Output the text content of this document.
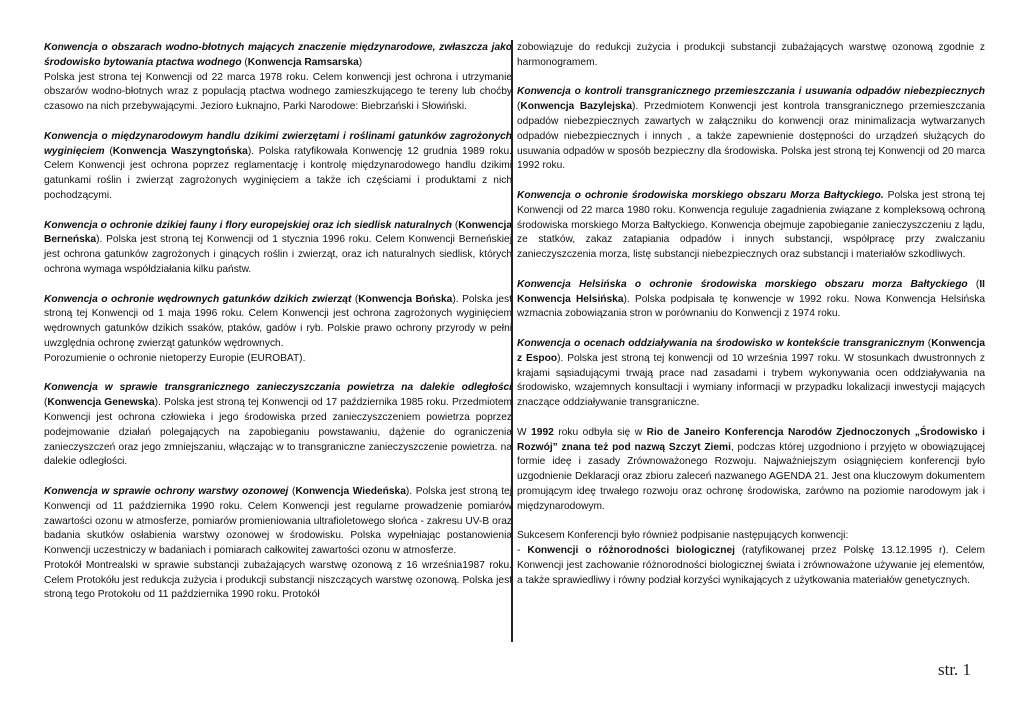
Konwencja o obszarach wodno-błotnych mających znaczenie międzynarodowe, zwłaszcza jako środowisko bytowania ptactwa wodnego (Konwencja Ramsarska)
Polska jest strona tej Konwencji od 22 marca 1978 roku. Celem konwencji jest ochrona i utrzymanie obszarów wodno-błotnych wraz z populacją ptactwa wodnego zamieszkującego te tereny lub choćby czasowo na nich przebywającymi. Jezioro Łuknajno, Parki Narodowe: Biebrzański i Słowiński.

Konwencja o międzynarodowym handlu dzikimi zwierzętami i roślinami gatunków zagrożonych wyginięciem (Konwencja Waszyngtońska). Polska ratyfikowała Konwencję 12 grudnia 1989 roku. Celem Konwencji jest ochrona poprzez reglamentację i kontrolę międzynarodowego handlu dzikimi gatunkami roślin i zwierząt zagrożonych wyginięciem a także ich częściami i produktami z nich pochodzącymi.

Konwencja o ochronie dzikiej fauny i flory europejskiej oraz ich siedlisk naturalnych (Konwencja Berneńska). Polska jest stroną tej Konwencji od 1 stycznia 1996 roku. Celem Konwencji Berneńskiej jest ochrona gatunków zagrożonych i ginących roślin i zwierząt, oraz ich naturalnych siedlisk, których ochrona wymaga współdziałania kilku państw.

Konwencja o ochronie wędrownych gatunków dzikich zwierząt (Konwencja Bońska). Polska jest stroną tej Konwencji od 1 maja 1996 roku. Celem Konwencji jest ochrona zagrożonych wyginięciem wędrownych gatunków dzikich ssaków, ptaków, gadów i ryb. Polskie prawo ochrony przyrody w pełni uwzględnia ochronę zwierząt gatunków wędrownych.
Porozumienie o ochronie nietoperzy Europie (EUROBAT).

Konwencja w sprawie transgranicznego zanieczyszczania powietrza na dalekie odległości (Konwencja Genewska). Polska jest stroną tej Konwencji od 17 października 1985 roku. Przedmiotem Konwencji jest ochrona człowieka i jego środowiska przed zanieczyszczeniem powietrza poprzez podejmowanie działań polegających na zapobieganiu powstawaniu, dążenie do ograniczenia zanieczyszczeń oraz jego zmniejszaniu, włączając w to transgraniczne zanieczyszczenie powietrza. na dalekie odległości.

Konwencja w sprawie ochrony warstwy ozonowej (Konwencja Wiedeńska). Polska jest stroną tej Konwencji od 11 października 1990 roku. Celem Konwencji jest regularne prowadzenie pomiarów zawartości ozonu w atmosferze, pomiarów promieniowania ultrafioletowego słońca - zakresu UV-B oraz badania skutków osłabienia warstwy ozonowej w środowisku. Polska wypełniając postanowienia Konwencji uczestniczy w badaniach i pomiarach całkowitej zawartości ozonu w atmosferze.
Protokół Montrealski w sprawie substancji zubażających warstwę ozonową z 16 września1987 roku. Celem Protokółu jest redukcja zużycia i produkcji substancji niszczących warstwę ozonową. Polska jest stroną tego Protokołu od 11 października 1990 roku. Protokół

zobowiązuje do redukcji zużycia i produkcji substancji zubażających warstwę ozonową zgodnie z harmonogramem.

Konwencja o kontroli transgranicznego przemieszczania i usuwania odpadów niebezpiecznych (Konwencja Bazylejska). Przedmiotem Konwencji jest kontrola transgranicznego przemieszczania odpadów niebezpiecznych zawartych w załączniku do konwencji oraz minimalizacja wytwarzanych odpadów niebezpiecznych i innych , a także zapewnienie dostępności do urządzeń służących do usuwania odpadów w sposób bezpieczny dla środowiska. Polska jest stroną tej Konwencji od 20 marca 1992 roku.

Konwencja o ochronie środowiska morskiego obszaru Morza Bałtyckiego. Polska jest stroną tej Konwencji od 22 marca 1980 roku. Konwencja reguluje zagadnienia związane z kompleksową ochroną środowiska morskiego Morza Bałtyckiego. Konwencja obejmuje zapobieganie zanieczyszczeniu z lądu, ze statków, zakaz zatapiania odpadów i innych substancji, współpracę przy zwalczaniu zanieczyszczenia morza, listę substancji niebezpiecznych oraz substancji i materiałów szkodliwych.

Konwencja Helsińska o ochronie środowiska morskiego obszaru morza Bałtyckiego (II Konwencja Helsińska). Polska podpisała tę konwencje w 1992 roku. Nowa Konwencja Helsińska wzmacnia zobowiązania stron w porównaniu do Konwencji z 1974 roku.

Konwencja o ocenach oddziaływania na środowisko w kontekście transgranicznym (Konwencja z Espoo). Polska jest stroną tej konwencji od 10 września 1997 roku. W stosunkach dwustronnych z krajami sąsiadującymi trwają prace nad zasadami i trybem wykonywania ocen oddziaływania na środowisko, wzajemnych konsultacji i wymiany informacji w przypadku lokalizacji inwestycji mających znaczące oddziaływanie transgraniczne.

W 1992 roku odbyła się w Rio de Janeiro Konferencja Narodów Zjednoczonych „Środowisko i Rozwój” znana też pod nazwą Szczyt Ziemi, podczas której uzgodniono i przyjęto w obowiązującej formie ideę i zasady Zrównoważonego Rozwoju. Najważniejszym osiągnięciem konferencji było uzgodnienie Deklaracji oraz zbioru zaleceń nazwanego AGENDA 21. Jest ona kluczowym dokumentem promującym ideę trwałego rozwoju oraz ochronę środowiska, zarówno na poziomie narodowym jak i międzynarodowym.

Sukcesem Konferencji było również podpisanie następujących konwencji:
- Konwencji o różnorodności biologicznej (ratyfikowanej przez Polskę 13.12.1995 r). Celem Konwencji jest zachowanie różnorodności biologicznej świata i zrównoważone używanie jej elementów, a także sprawiedliwy i równy podział korzyści wynikających z użytkowania materiałów genetycznych.

str. 1
